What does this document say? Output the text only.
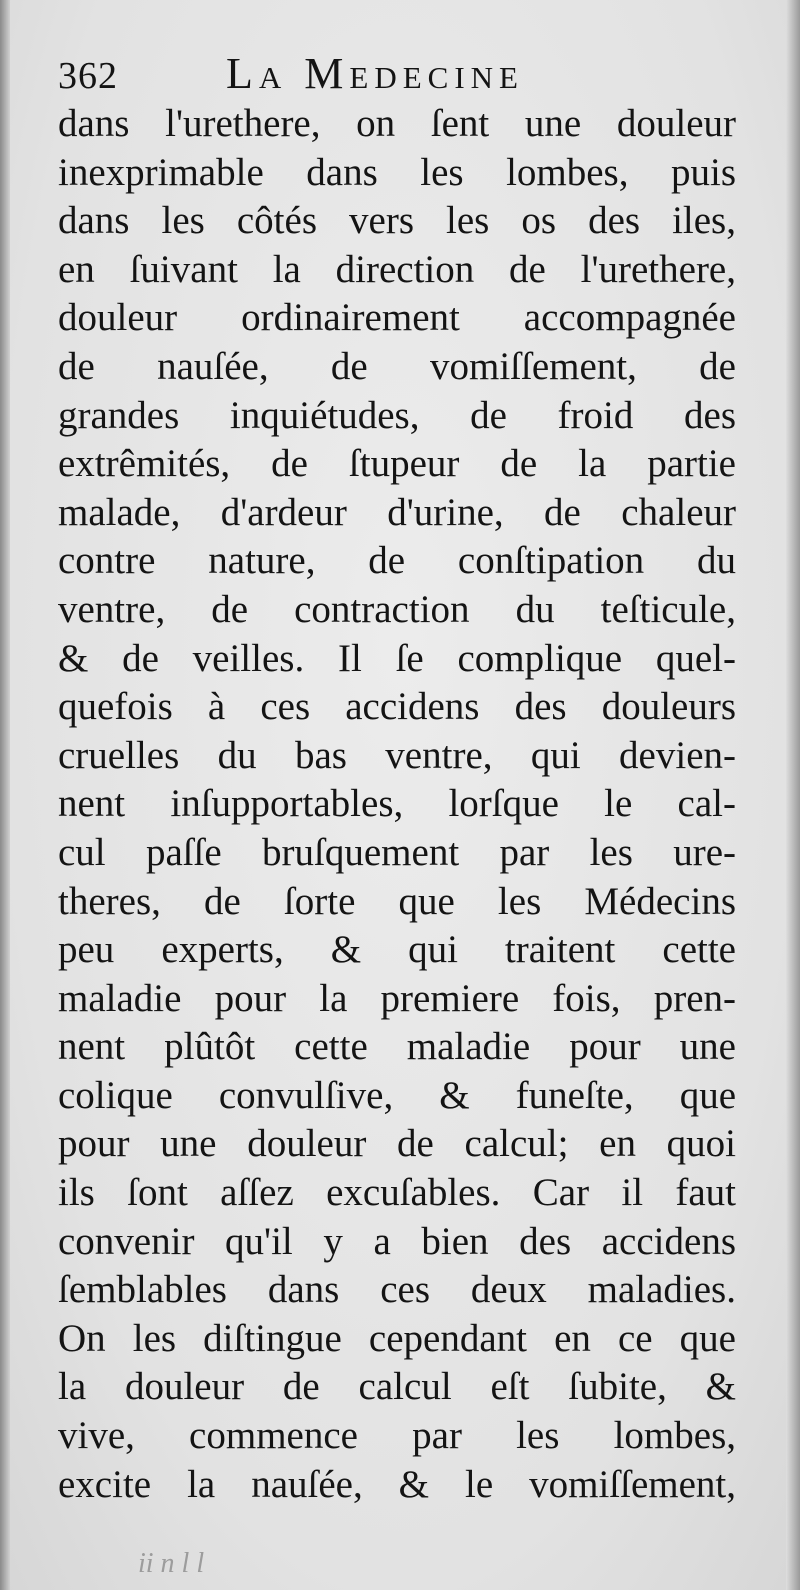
362 La Medecine
dans l'urethere, on ſent une douleur
inexprimable dans les lombes, puis
dans les côtés vers les os des iles,
en ſuivant la direction de l'urethere,
douleur ordinairement accompagnée
de nauſée, de vomiſſement, de
grandes inquiétudes, de froid des
extrêmités, de ſtupeur de la partie
malade, d'ardeur d'urine, de chaleur
contre nature, de conſtipation du
ventre, de contraction du teſticule,
& de veilles. Il ſe complique quel-
quefois à ces accidens des douleurs
cruelles du bas ventre, qui devien-
nent inſupportables, lorſque le cal-
cul paſſe bruſquement par les ure-
theres, de ſorte que les Médecins
peu experts, & qui traitent cette
maladie pour la premiere fois, pren-
nent plûtôt cette maladie pour une
colique convulſive, & funeſte, que
pour une douleur de calcul; en quoi
ils ſont aſſez excuſables. Car il faut
convenir qu'il y a bien des accidens
ſemblables dans ces deux maladies.
On les diſtingue cependant en ce que
la douleur de calcul eſt ſubite, &
vive, commence par les lombes,
excite la nauſée, & le vomiſſement,
ii n l l
